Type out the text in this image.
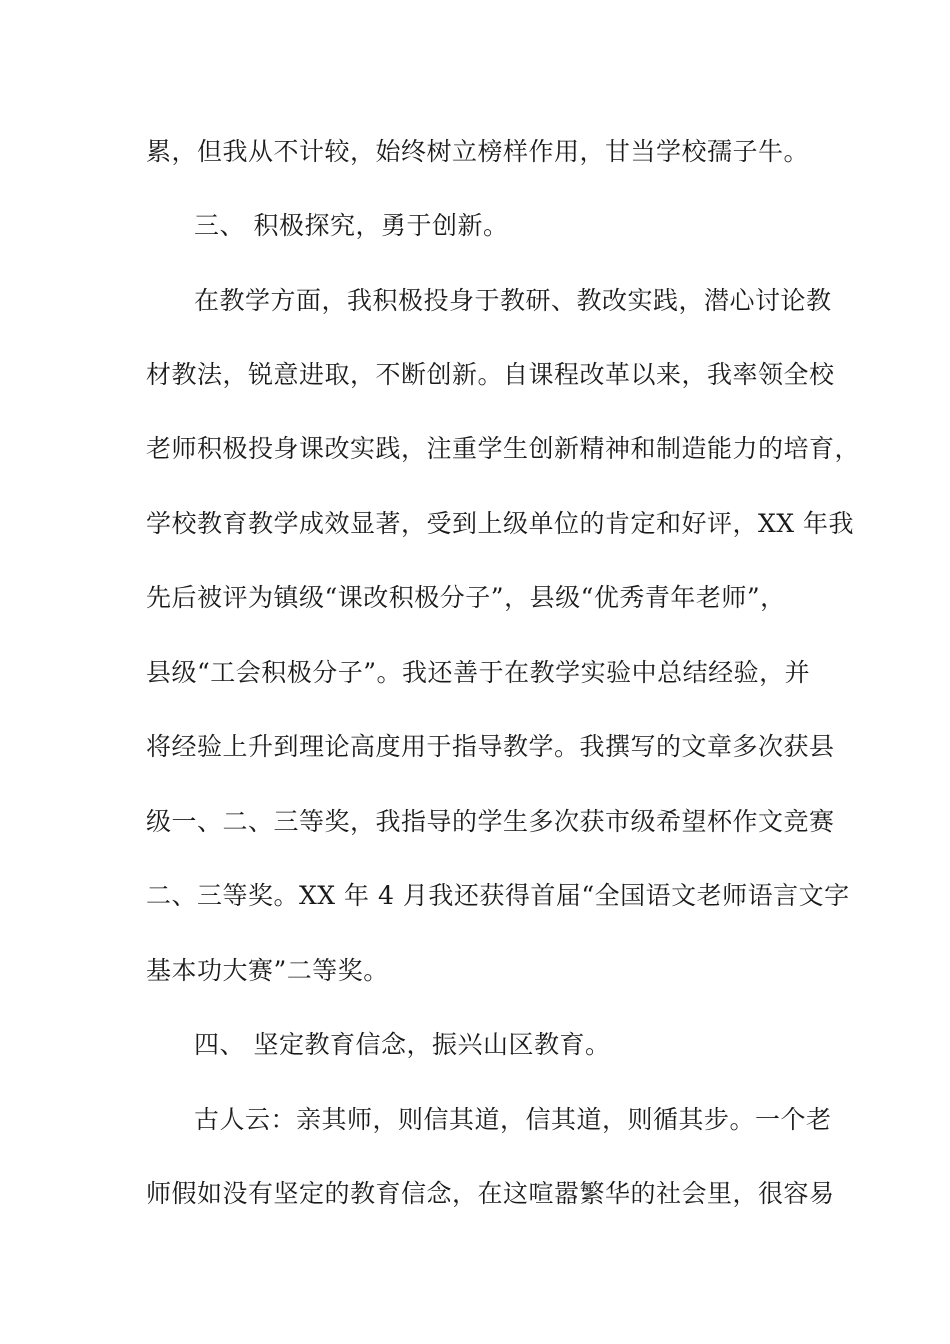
累，但我从不计较，始终树立榜样作用，甘当学校孺子牛。
三、 积极探究，勇于创新。
在教学方面，我积极投身于教研、教改实践，潜心讨论教
材教法，锐意进取，不断创新。自课程改革以来，我率领全校
老师积极投身课改实践，注重学生创新精神和制造能力的培育，
学校教育教学成效显著，受到上级单位的肯定和好评，XX 年我
先后被评为镇级“课改积极分子”，县级“优秀青年老师”，
县级“工会积极分子”。我还善于在教学实验中总结经验，并
将经验上升到理论高度用于指导教学。我撰写的文章多次获县
级一、二、三等奖，我指导的学生多次获市级希望杯作文竞赛
二、三等奖。XX 年 4 月我还获得首届“全国语文老师语言文字
基本功大赛”二等奖。
四、 坚定教育信念，振兴山区教育。
古人云：亲其师，则信其道，信其道，则循其步。一个老
师假如没有坚定的教育信念，在这喧嚣繁华的社会里，很容易
